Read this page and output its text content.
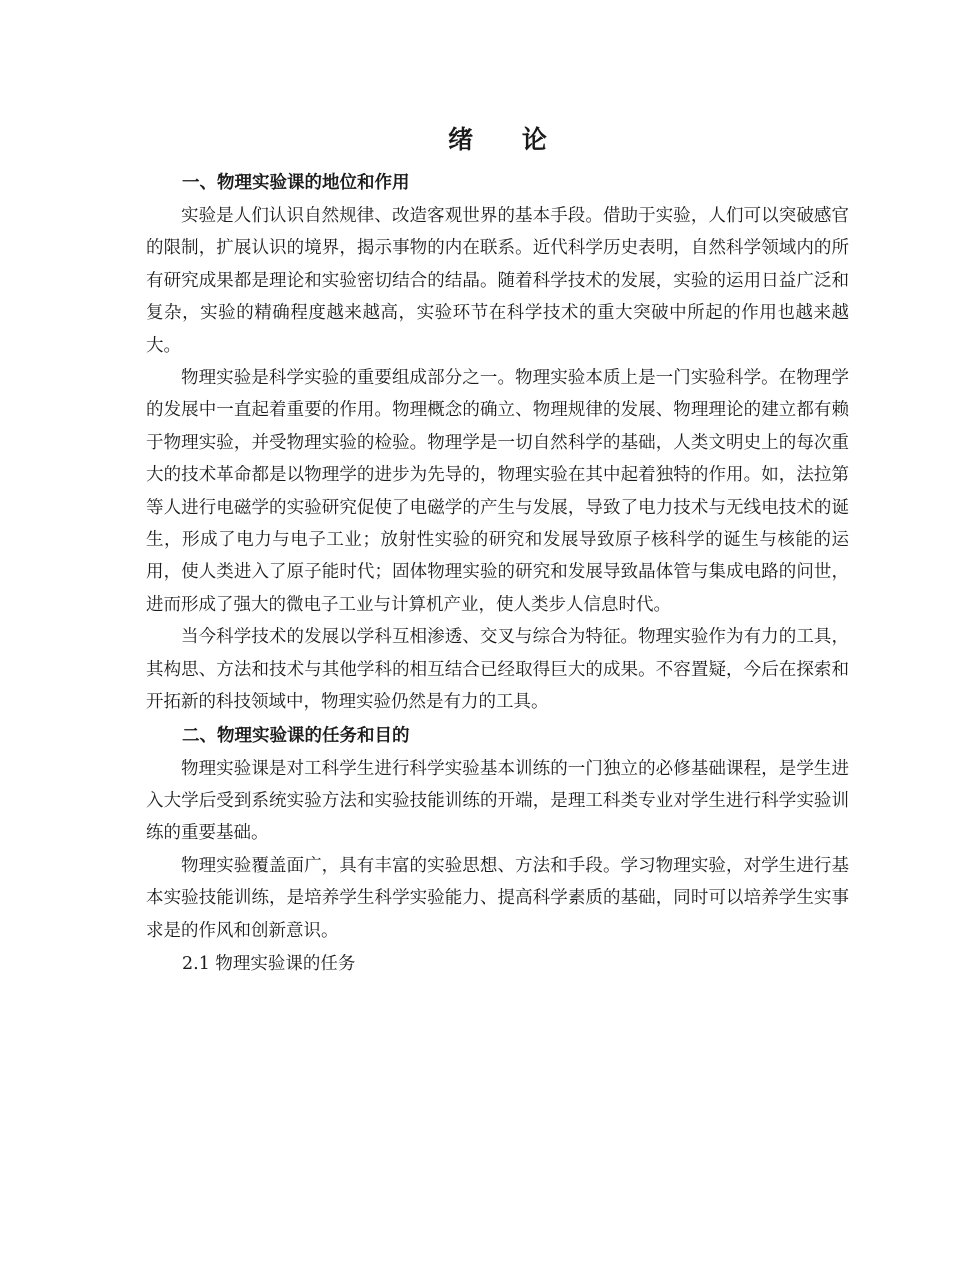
绪 论
一、物理实验课的地位和作用

实验是人们认识自然规律、改造客观世界的基本手段。借助于实验，人们可以突破感官的限制，扩展认识的境界，揭示事物的内在联系。近代科学历史表明，自然科学领域内的所有研究成果都是理论和实验密切结合的结晶。随着科学技术的发展，实验的运用日益广泛和复杂，实验的精确程度越来越高，实验环节在科学技术的重大突破中所起的作用也越来越大。

物理实验是科学实验的重要组成部分之一。物理实验本质上是一门实验科学。在物理学的发展中一直起着重要的作用。物理概念的确立、物理规律的发展、物理理论的建立都有赖于物理实验，并受物理实验的检验。物理学是一切自然科学的基础，人类文明史上的每次重大的技术革命都是以物理学的进步为先导的，物理实验在其中起着独特的作用。如，法拉第等人进行电磁学的实验研究促使了电磁学的产生与发展，导致了电力技术与无线电技术的诞生，形成了电力与电子工业；放射性实验的研究和发展导致原子核科学的诞生与核能的运用，使人类进入了原子能时代；固体物理实验的研究和发展导致晶体管与集成电路的问世，进而形成了强大的微电子工业与计算机产业，使人类步人信息时代。

当今科学技术的发展以学科互相渗透、交叉与综合为特征。物理实验作为有力的工具，其构思、方法和技术与其他学科的相互结合已经取得巨大的成果。不容置疑，今后在探索和开拓新的科技领域中，物理实验仍然是有力的工具。

二、物理实验课的任务和目的

物理实验课是对工科学生进行科学实验基本训练的一门独立的必修基础课程，是学生进入大学后受到系统实验方法和实验技能训练的开端，是理工科类专业对学生进行科学实验训练的重要基础。

物理实验覆盖面广，具有丰富的实验思想、方法和手段。学习物理实验，对学生进行基本实验技能训练，是培养学生科学实验能力、提高科学素质的基础，同时可以培养学生实事求是的作风和创新意识。

2.1 物理实验课的任务
